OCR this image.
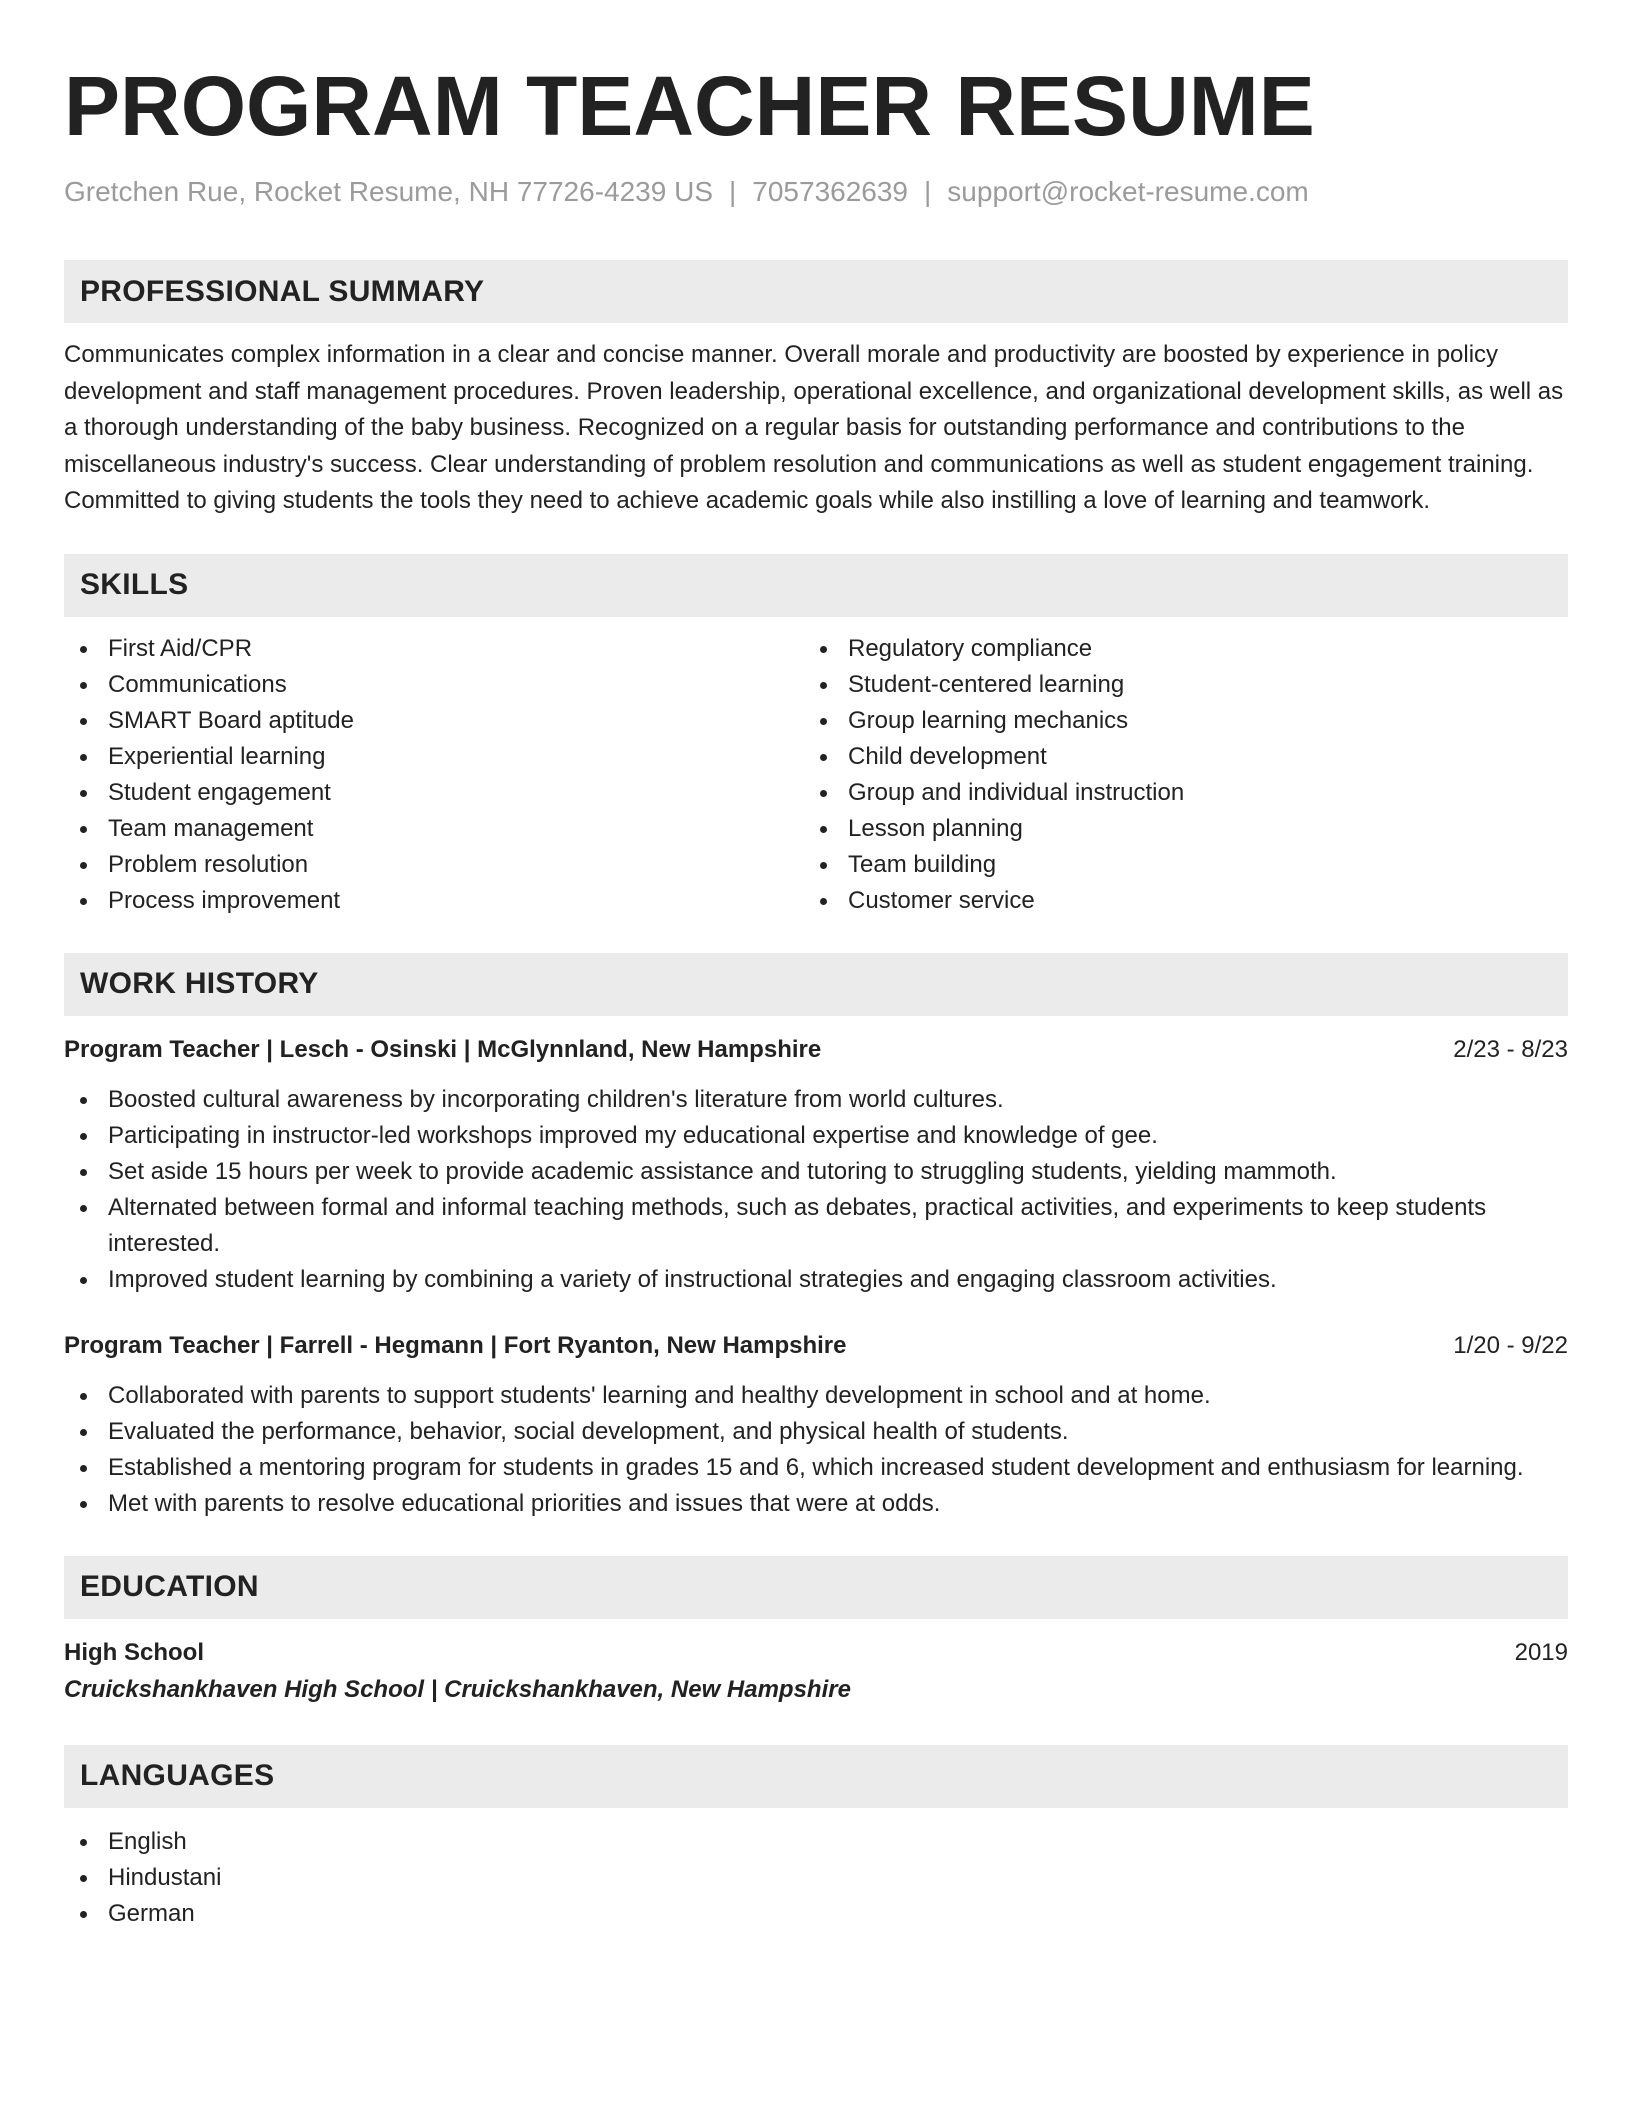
PROGRAM TEACHER RESUME
Gretchen Rue, Rocket Resume, NH 77726-4239 US | 7057362639 | support@rocket-resume.com
PROFESSIONAL SUMMARY

Communicates complex information in a clear and concise manner. Overall morale and productivity are boosted by experience in policy development and staff management procedures. Proven leadership, operational excellence, and organizational development skills, as well as a thorough understanding of the baby business. Recognized on a regular basis for outstanding performance and contributions to the miscellaneous industry's success. Clear understanding of problem resolution and communications as well as student engagement training. Committed to giving students the tools they need to achieve academic goals while also instilling a love of learning and teamwork.

SKILLS
First Aid/CPR
Communications
SMART Board aptitude
Experiential learning
Student engagement
Team management
Problem resolution
Process improvement
Regulatory compliance
Student-centered learning
Group learning mechanics
Child development
Group and individual instruction
Lesson planning
Team building
Customer service
WORK HISTORY
Program Teacher | Lesch - Osinski | McGlynnland, New Hampshire	2/23 - 8/23
Boosted cultural awareness by incorporating children's literature from world cultures.
Participating in instructor-led workshops improved my educational expertise and knowledge of gee.
Set aside 15 hours per week to provide academic assistance and tutoring to struggling students, yielding mammoth.
Alternated between formal and informal teaching methods, such as debates, practical activities, and experiments to keep students interested.
Improved student learning by combining a variety of instructional strategies and engaging classroom activities.
Program Teacher | Farrell - Hegmann | Fort Ryanton, New Hampshire	1/20 - 9/22
Collaborated with parents to support students' learning and healthy development in school and at home.
Evaluated the performance, behavior, social development, and physical health of students.
Established a mentoring program for students in grades 15 and 6, which increased student development and enthusiasm for learning.
Met with parents to resolve educational priorities and issues that were at odds.
EDUCATION
High School	2019
Cruickshankhaven High School | Cruickshankhaven, New Hampshire
LANGUAGES
English
Hindustani
German
